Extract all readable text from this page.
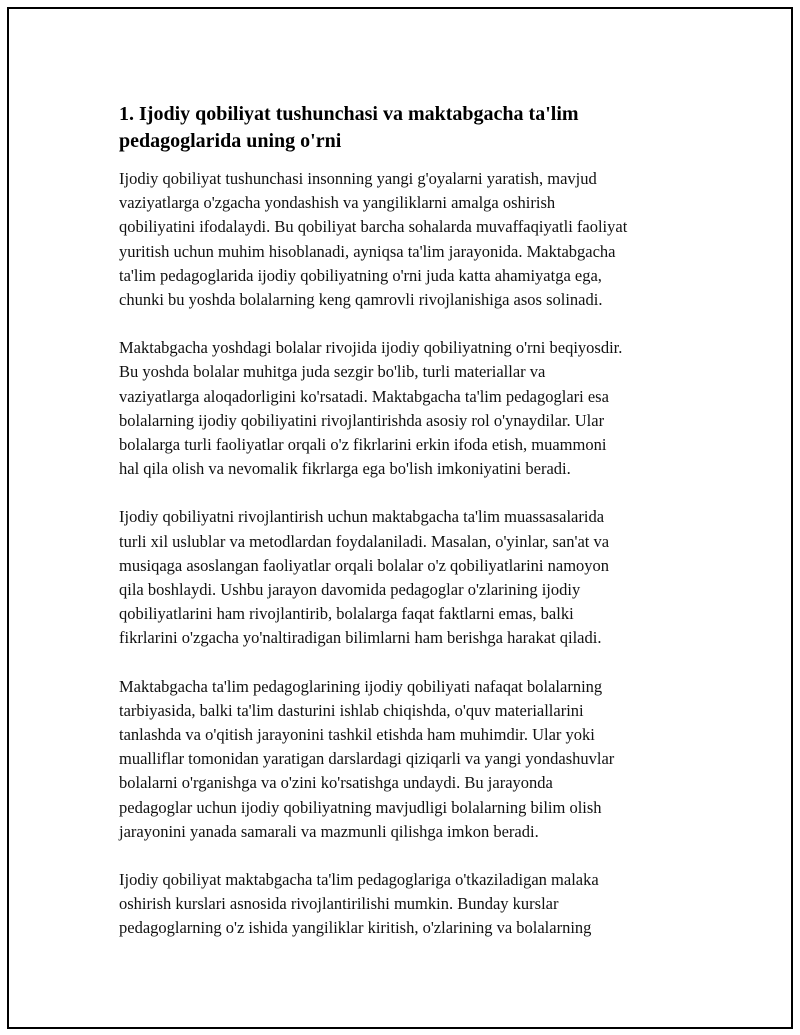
1. Ijodiy qobiliyat tushunchasi va maktabgacha ta'lim
pedagoglarida uning o'rni

Ijodiy qobiliyat tushunchasi insonning yangi g'oyalarni yaratish, mavjud
vaziyatlarga o'zgacha yondashish va yangiliklarni amalga oshirish
qobiliyatini ifodalaydi. Bu qobiliyat barcha sohalarda muvaffaqiyatli faoliyat
yuritish uchun muhim hisoblanadi, ayniqsa ta'lim jarayonida. Maktabgacha
ta'lim pedagoglarida ijodiy qobiliyatning o'rni juda katta ahamiyatga ega,
chunki bu yoshda bolalarning keng qamrovli rivojlanishiga asos solinadi.

Maktabgacha yoshdagi bolalar rivojida ijodiy qobiliyatning o'rni beqiyosdir.
Bu yoshda bolalar muhitga juda sezgir bo'lib, turli materiallar va
vaziyatlarga aloqadorligini ko'rsatadi. Maktabgacha ta'lim pedagoglari esa
bolalarning ijodiy qobiliyatini rivojlantirishda asosiy rol o'ynaydilar. Ular
bolalarga turli faoliyatlar orqali o'z fikrlarini erkin ifoda etish, muammoni
hal qila olish va nevomalik fikrlarga ega bo'lish imkoniyatini beradi.

Ijodiy qobiliyatni rivojlantirish uchun maktabgacha ta'lim muassasalarida
turli xil uslublar va metodlardan foydalaniladi. Masalan, o'yinlar, san'at va
musiqaga asoslangan faoliyatlar orqali bolalar o'z qobiliyatlarini namoyon
qila boshlaydi. Ushbu jarayon davomida pedagoglar o'zlarining ijodiy
qobiliyatlarini ham rivojlantirib, bolalarga faqat faktlarni emas, balki
fikrlarini o'zgacha yo'naltiradigan bilimlarni ham berishga harakat qiladi.

Maktabgacha ta'lim pedagoglarining ijodiy qobiliyati nafaqat bolalarning
tarbiyasida, balki ta'lim dasturini ishlab chiqishda, o'quv materiallarini
tanlashda va o'qitish jarayonini tashkil etishda ham muhimdir. Ular yoki
mualliflar tomonidan yaratigan darslardagi qiziqarli va yangi yondashuvlar
bolalarni o'rganishga va o'zini ko'rsatishga undaydi. Bu jarayonda
pedagoglar uchun ijodiy qobiliyatning mavjudligi bolalarning bilim olish
jarayonini yanada samarali va mazmunli qilishga imkon beradi.

Ijodiy qobiliyat maktabgacha ta'lim pedagoglariga o'tkaziladigan malaka
oshirish kurslari asnosida rivojlantirilishi mumkin. Bunday kurslar
pedagoglarning o'z ishida yangiliklar kiritish, o'zlarining va bolalarning
